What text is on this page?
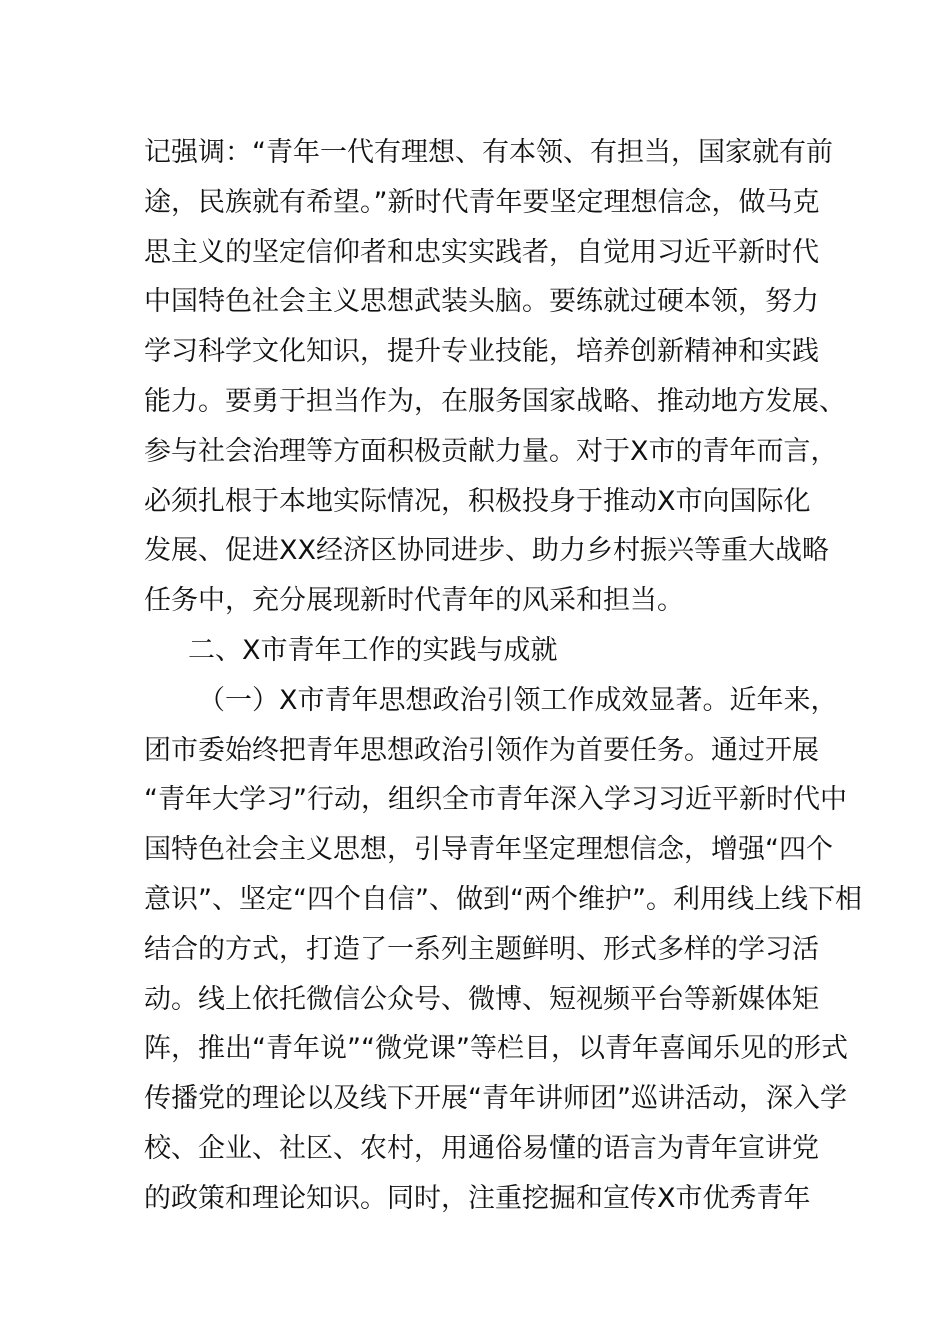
记强调：“青年一代有理想、有本领、有担当，国家就有前
途，民族就有希望。”新时代青年要坚定理想信念，做马克
思主义的坚定信仰者和忠实实践者，自觉用习近平新时代
中国特色社会主义思想武装头脑。要练就过硬本领，努力
学习科学文化知识，提升专业技能，培养创新精神和实践
能力。要勇于担当作为，在服务国家战略、推动地方发展、
参与社会治理等方面积极贡献力量。对于X市的青年而言，
必须扎根于本地实际情况，积极投身于推动X市向国际化
发展、促进XX经济区协同进步、助力乡村振兴等重大战略
任务中，充分展现新时代青年的风采和担当。
二、X市青年工作的实践与成就
（一）X市青年思想政治引领工作成效显著。近年来，
团市委始终把青年思想政治引领作为首要任务。通过开展
“青年大学习”行动，组织全市青年深入学习习近平新时代中
国特色社会主义思想，引导青年坚定理想信念，增强“四个
意识”、坚定“四个自信”、做到“两个维护”。利用线上线下相
结合的方式，打造了一系列主题鲜明、形式多样的学习活
动。线上依托微信公众号、微博、短视频平台等新媒体矩
阵，推出“青年说”“微党课”等栏目，以青年喜闻乐见的形式
传播党的理论以及线下开展“青年讲师团”巡讲活动，深入学
校、企业、社区、农村，用通俗易懂的语言为青年宣讲党
的政策和理论知识。同时，注重挖掘和宣传X市优秀青年
